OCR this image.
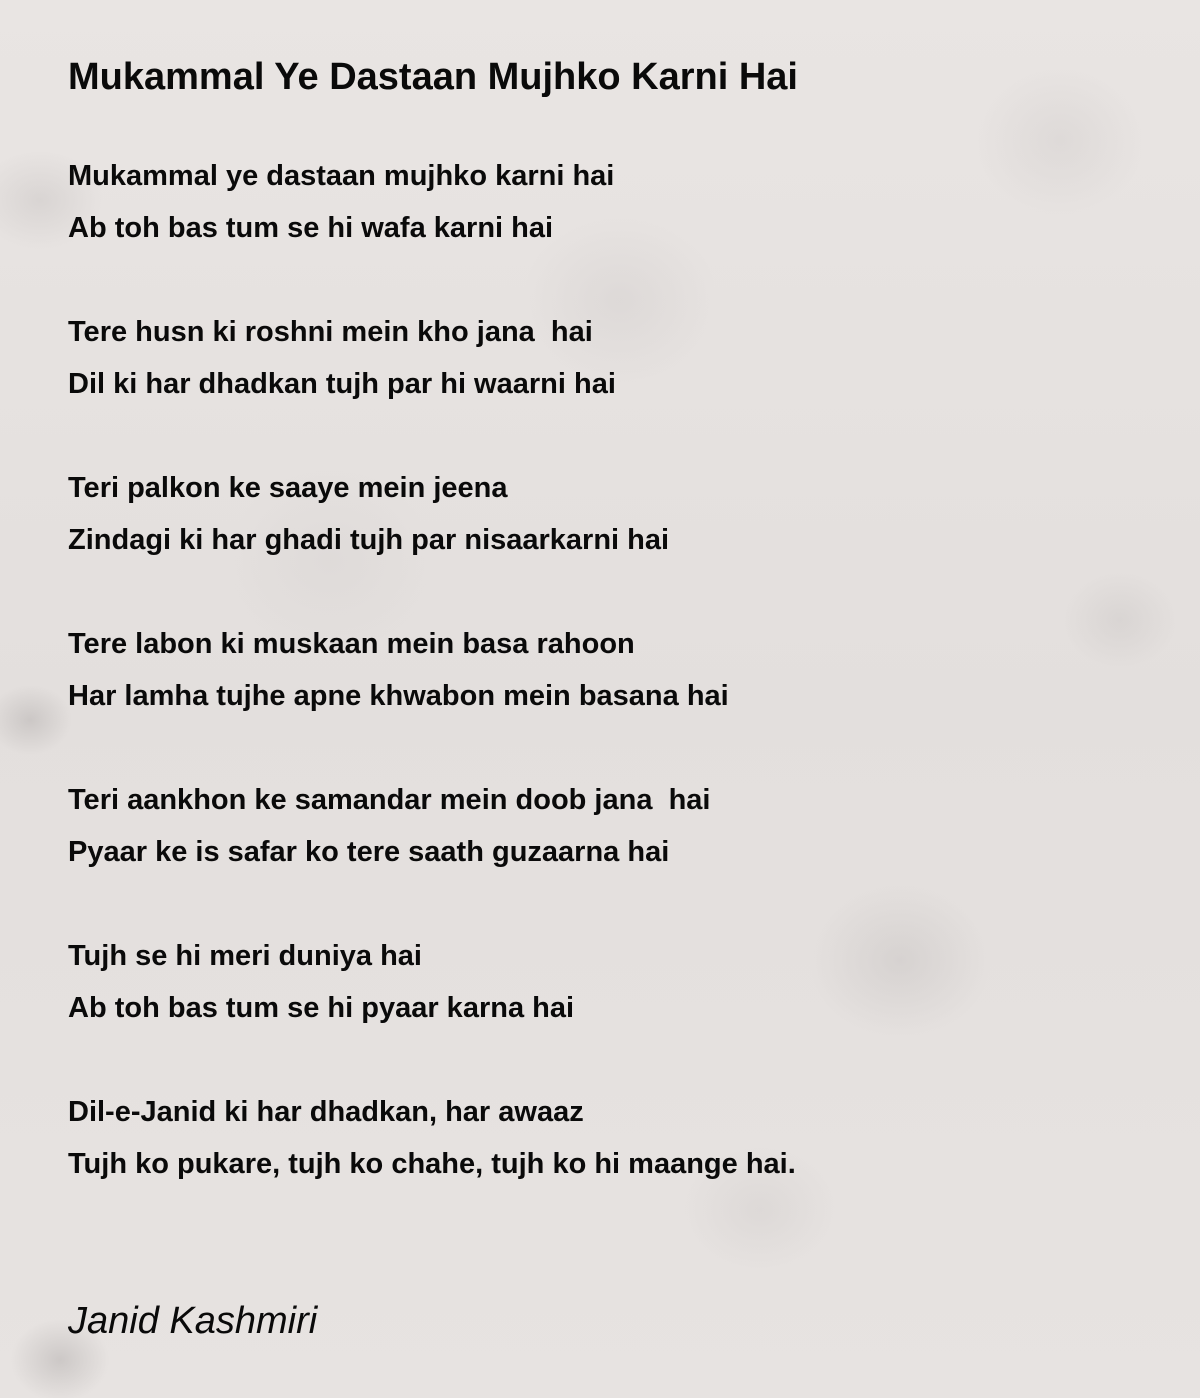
Mukammal Ye Dastaan Mujhko Karni Hai
Mukammal ye dastaan mujhko karni hai
Ab toh bas tum se hi wafa karni hai
Tere husn ki roshni mein kho jana  hai
Dil ki har dhadkan tujh par hi waarni hai
Teri palkon ke saaye mein jeena
Zindagi ki har ghadi tujh par nisaarkarni hai
Tere labon ki muskaan mein basa rahoon
Har lamha tujhe apne khwabon mein basana hai
Teri aankhon ke samandar mein doob jana  hai
Pyaar ke is safar ko tere saath guzaarna hai
Tujh se hi meri duniya hai
Ab toh bas tum se hi pyaar karna hai
Dil-e-Janid ki har dhadkan, har awaaz
Tujh ko pukare, tujh ko chahe, tujh ko hi maange hai.
Janid Kashmiri
